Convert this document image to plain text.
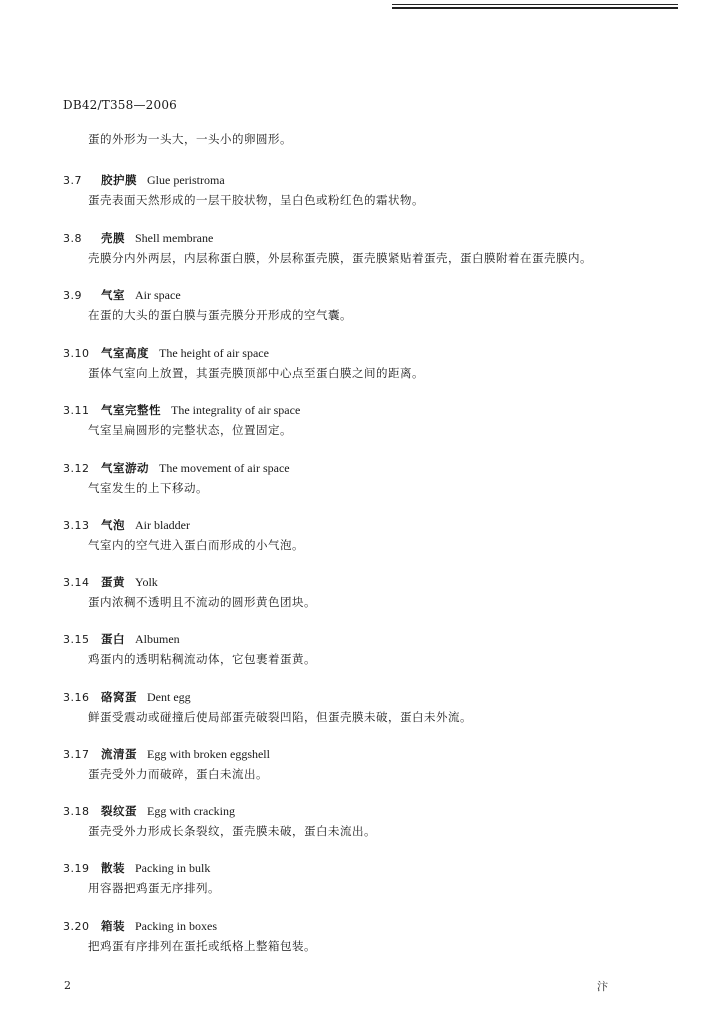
DB42/T358—2006
蛋的外形为一头大，一头小的卵圆形。
3.7 胶护膜 Glue peristroma
蛋壳表面天然形成的一层干胶状物，呈白色或粉红色的霜状物。
3.8 壳膜 Shell membrane
壳膜分内外两层，内层称蛋白膜，外层称蛋壳膜，蛋壳膜紧贴着蛋壳，蛋白膜附着在蛋壳膜内。
3.9 气室 Air space
在蛋的大头的蛋白膜与蛋壳膜分开形成的空气囊。
3.10 气室高度 The height of air space
蛋体气室向上放置，其蛋壳膜顶部中心点至蛋白膜之间的距离。
3.11 气室完整性 The integrality of air space
气室呈扁圆形的完整状态，位置固定。
3.12 气室游动 The movement of air space
气室发生的上下移动。
3.13 气泡 Air bladder
气室内的空气进入蛋白而形成的小气泡。
3.14 蛋黄 Yolk
蛋内浓稠不透明且不流动的圆形黄色团块。
3.15 蛋白 Albumen
鸡蛋内的透明粘稠流动体，它包裹着蛋黄。
3.16 硌窝蛋 Dent egg
鲜蛋受震动或碰撞后使局部蛋壳破裂凹陷，但蛋壳膜未破，蛋白未外流。
3.17 流清蛋 Egg with broken eggshell
蛋壳受外力而破碎，蛋白未流出。
3.18 裂纹蛋 Egg with cracking
蛋壳受外力形成长条裂纹，蛋壳膜未破，蛋白未流出。
3.19 散装 Packing in bulk
用容器把鸡蛋无序排列。
3.20 箱装 Packing in boxes
把鸡蛋有序排列在蛋托或纸格上整箱包装。
2	汴
